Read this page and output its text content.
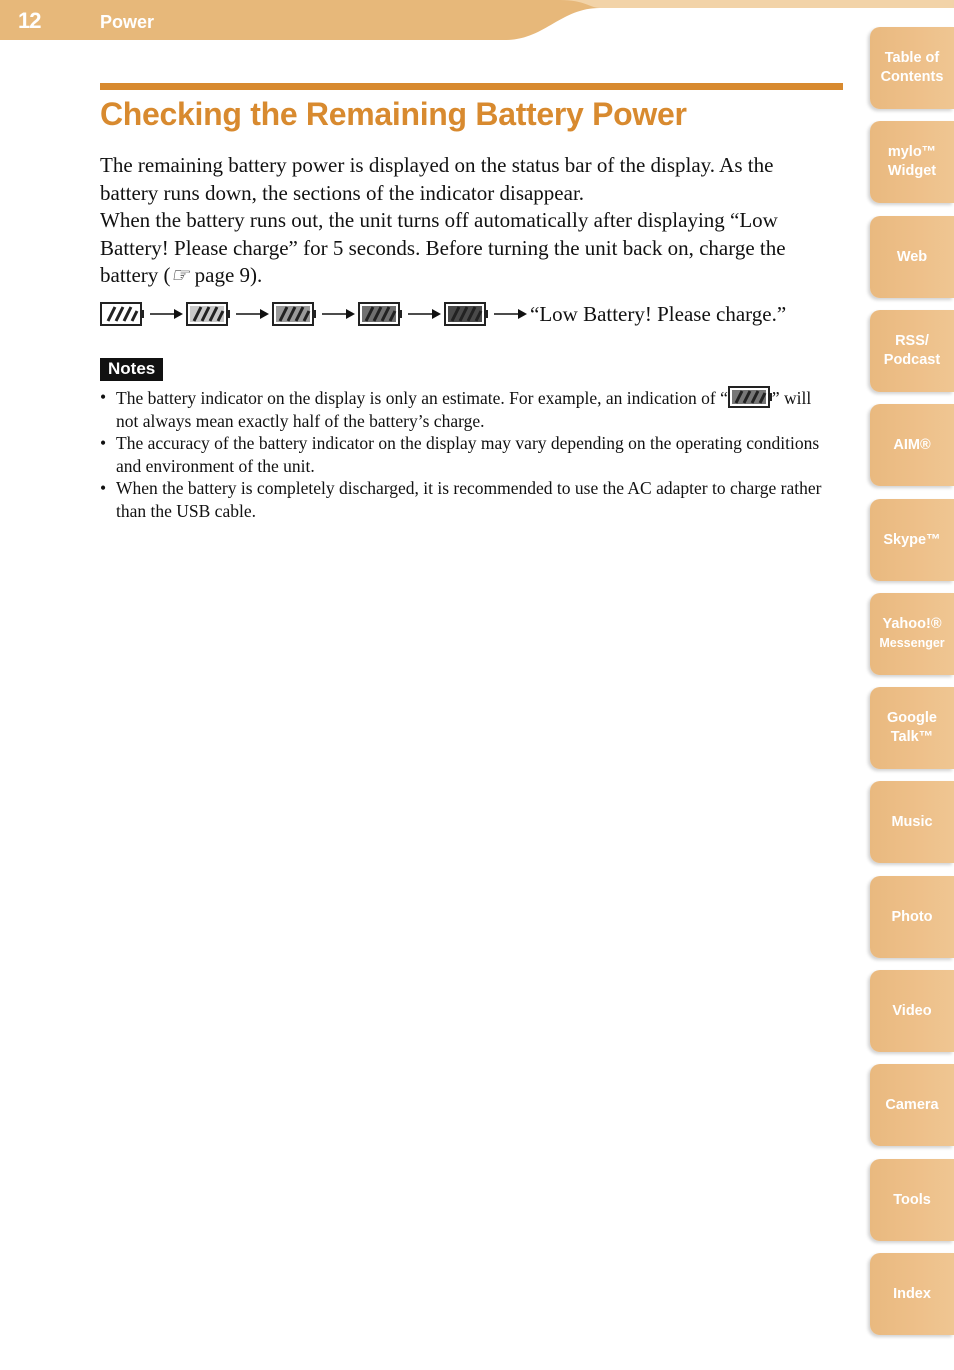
12	Power
Checking the Remaining Battery Power

The remaining battery power is displayed on the status bar of the display. As the battery runs down, the sections of the indicator disappear.

When the battery runs out, the unit turns off automatically after displaying “Low Battery! Please charge” for 5 seconds. Before turning the unit back on, charge the battery (☞ page 9).

“Low Battery! Please charge.”
Notes
• The battery indicator on the display is only an estimate. For example, an indication of “	” will not always mean exactly half of the battery’s charge.
• The accuracy of the battery indicator on the display may vary depending on the operating conditions and environment of the unit.
• When the battery is completely discharged, it is recommended to use the AC adapter to charge rather than the USB cable.
Table of
Contents
mylo™
Widget
Web
RSS/
Podcast
AIM®
Skype™
Yahoo!®
Messenger
Google
Talk™
Music
Photo
Video
Camera
Tools
Index
